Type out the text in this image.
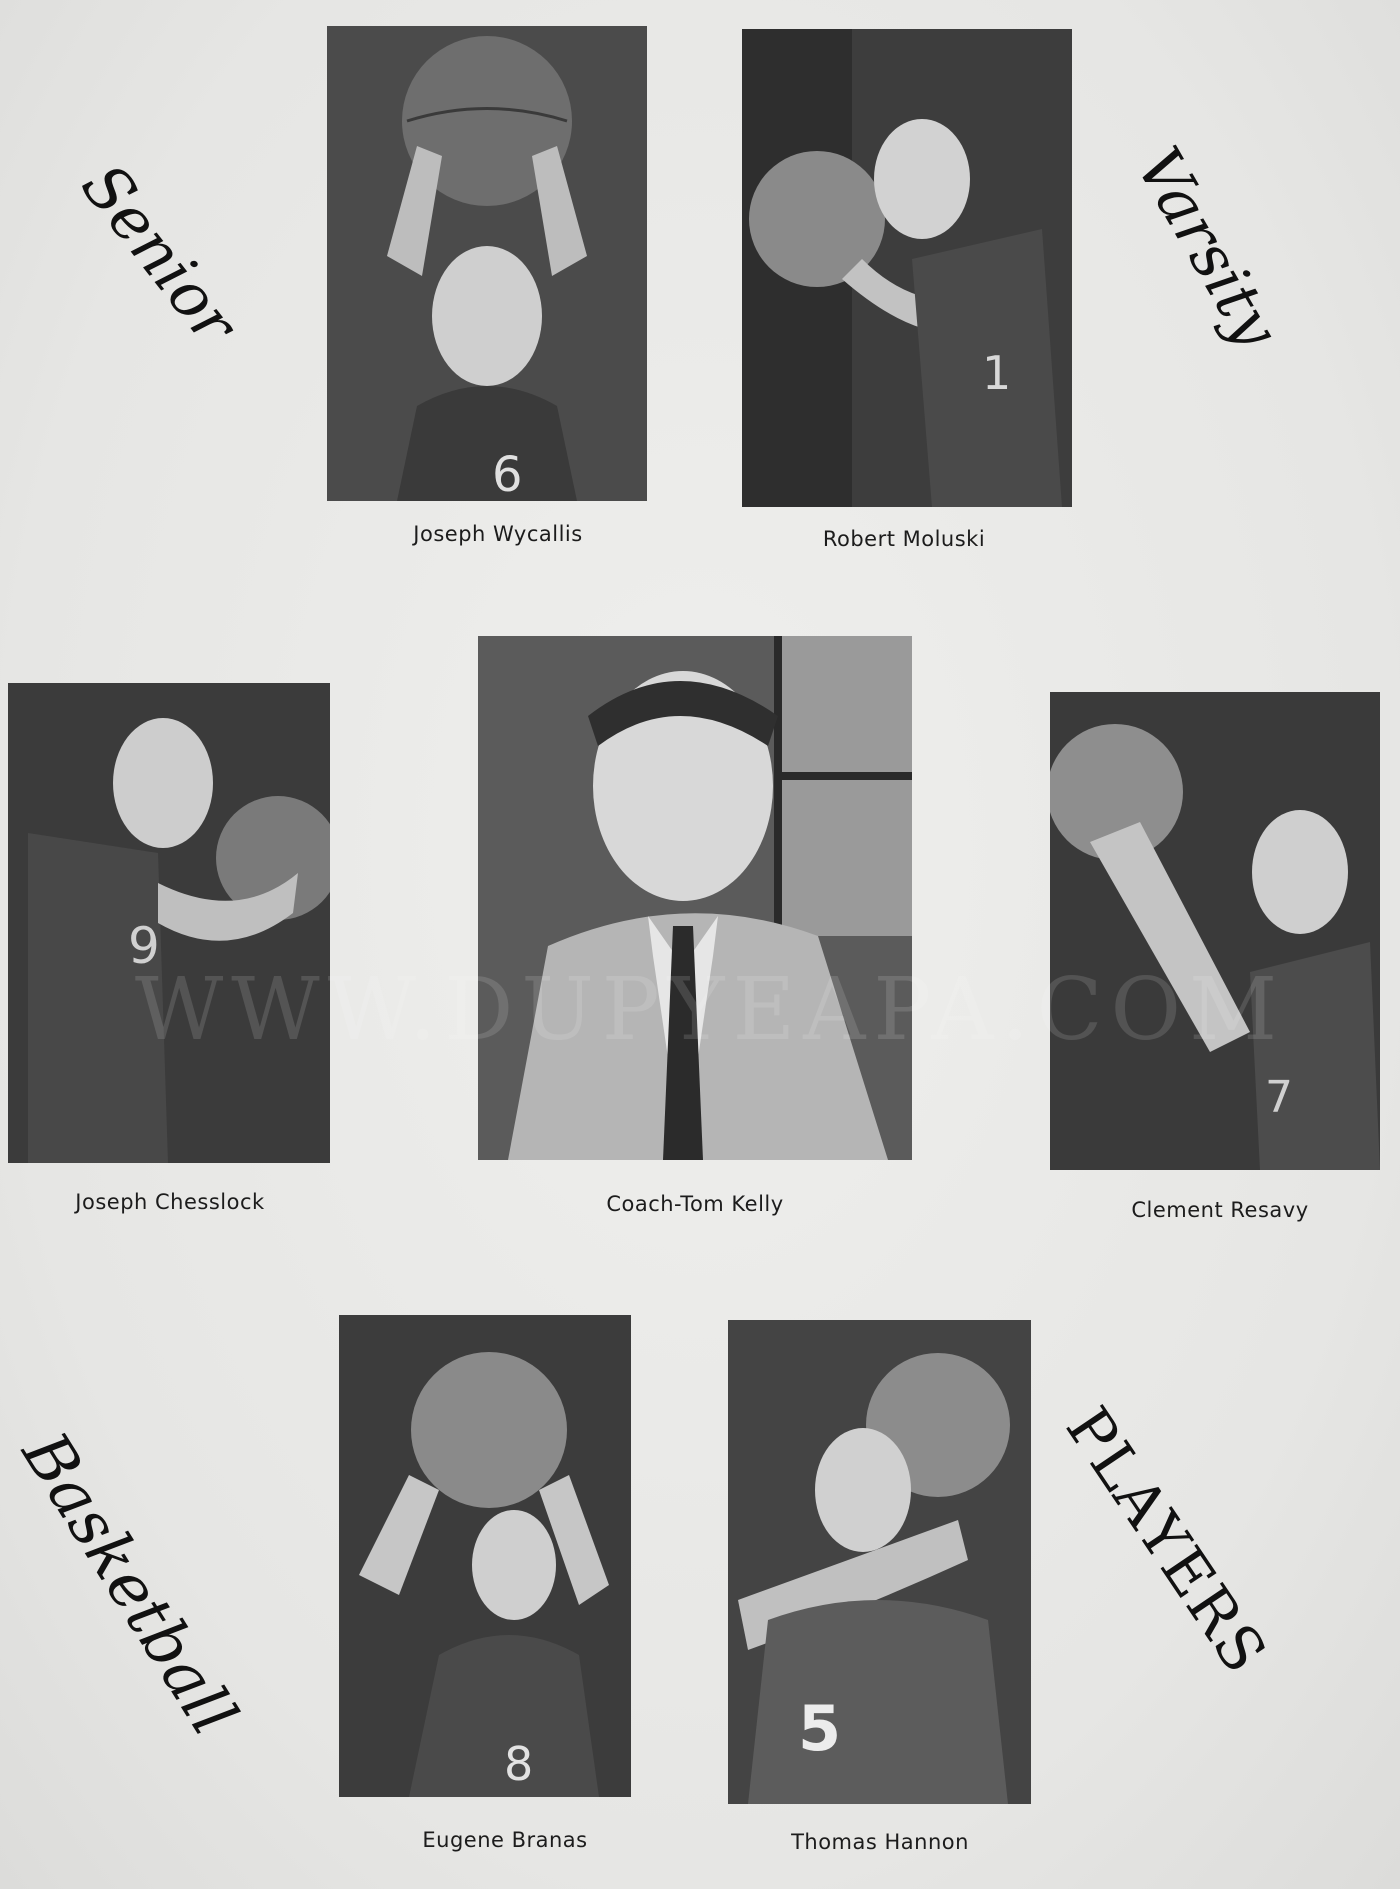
Senior	Varsity
Basketball	PLAYERS
6
Joseph Wycallis
1
Robert Moluski
9
Joseph Chesslock	Coach-Tom Kelly
7
Clement Resavy
8
Eugene Branas
5
Thomas Hannon
